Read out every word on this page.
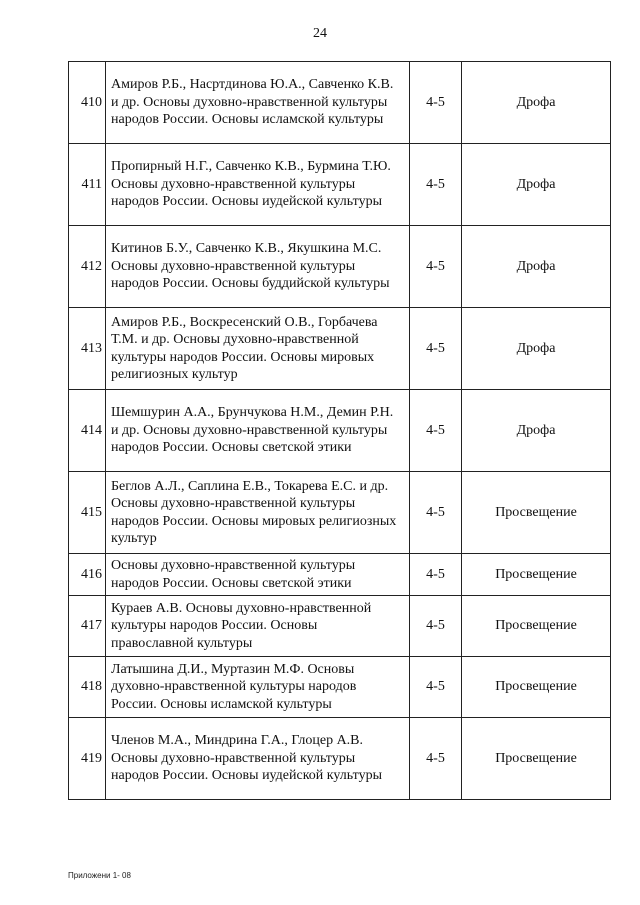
24
410	Амиров Р.Б., Насртдинова Ю.А., Савченко К.В. и др. Основы духовно-нравственной культуры народов России. Основы исламской культуры	4-5	Дрофа
411	Пропирный Н.Г., Савченко К.В., Бурмина Т.Ю. Основы духовно-нравственной культуры народов России. Основы иудейской культуры	4-5	Дрофа
412	Китинов Б.У., Савченко К.В., Якушкина М.С. Основы духовно-нравственной культуры народов России. Основы буддийской культуры	4-5	Дрофа
413	Амиров Р.Б., Воскресенский О.В., Горбачева Т.М. и др. Основы духовно-нравственной культуры народов России. Основы мировых религиозных культур	4-5	Дрофа
414	Шемшурин А.А., Брунчукова Н.М., Демин Р.Н. и др. Основы духовно-нравственной культуры народов России. Основы светской этики	4-5	Дрофа
415	Беглов А.Л., Саплина Е.В., Токарева Е.С. и др. Основы духовно-нравственной культуры народов России. Основы мировых религиозных культур	4-5	Просвещение
416	Основы духовно-нравственной культуры народов России. Основы светской этики	4-5	Просвещение
417	Кураев А.В. Основы духовно-нравственной культуры народов России. Основы православной культуры	4-5	Просвещение
418	Латышина Д.И., Муртазин М.Ф. Основы духовно-нравственной культуры народов России. Основы исламской культуры	4-5	Просвещение
419	Членов М.А., Миндрина Г.А., Глоцер А.В. Основы духовно-нравственной культуры народов России. Основы иудейской культуры	4-5	Просвещение
Приложени 1- 08
